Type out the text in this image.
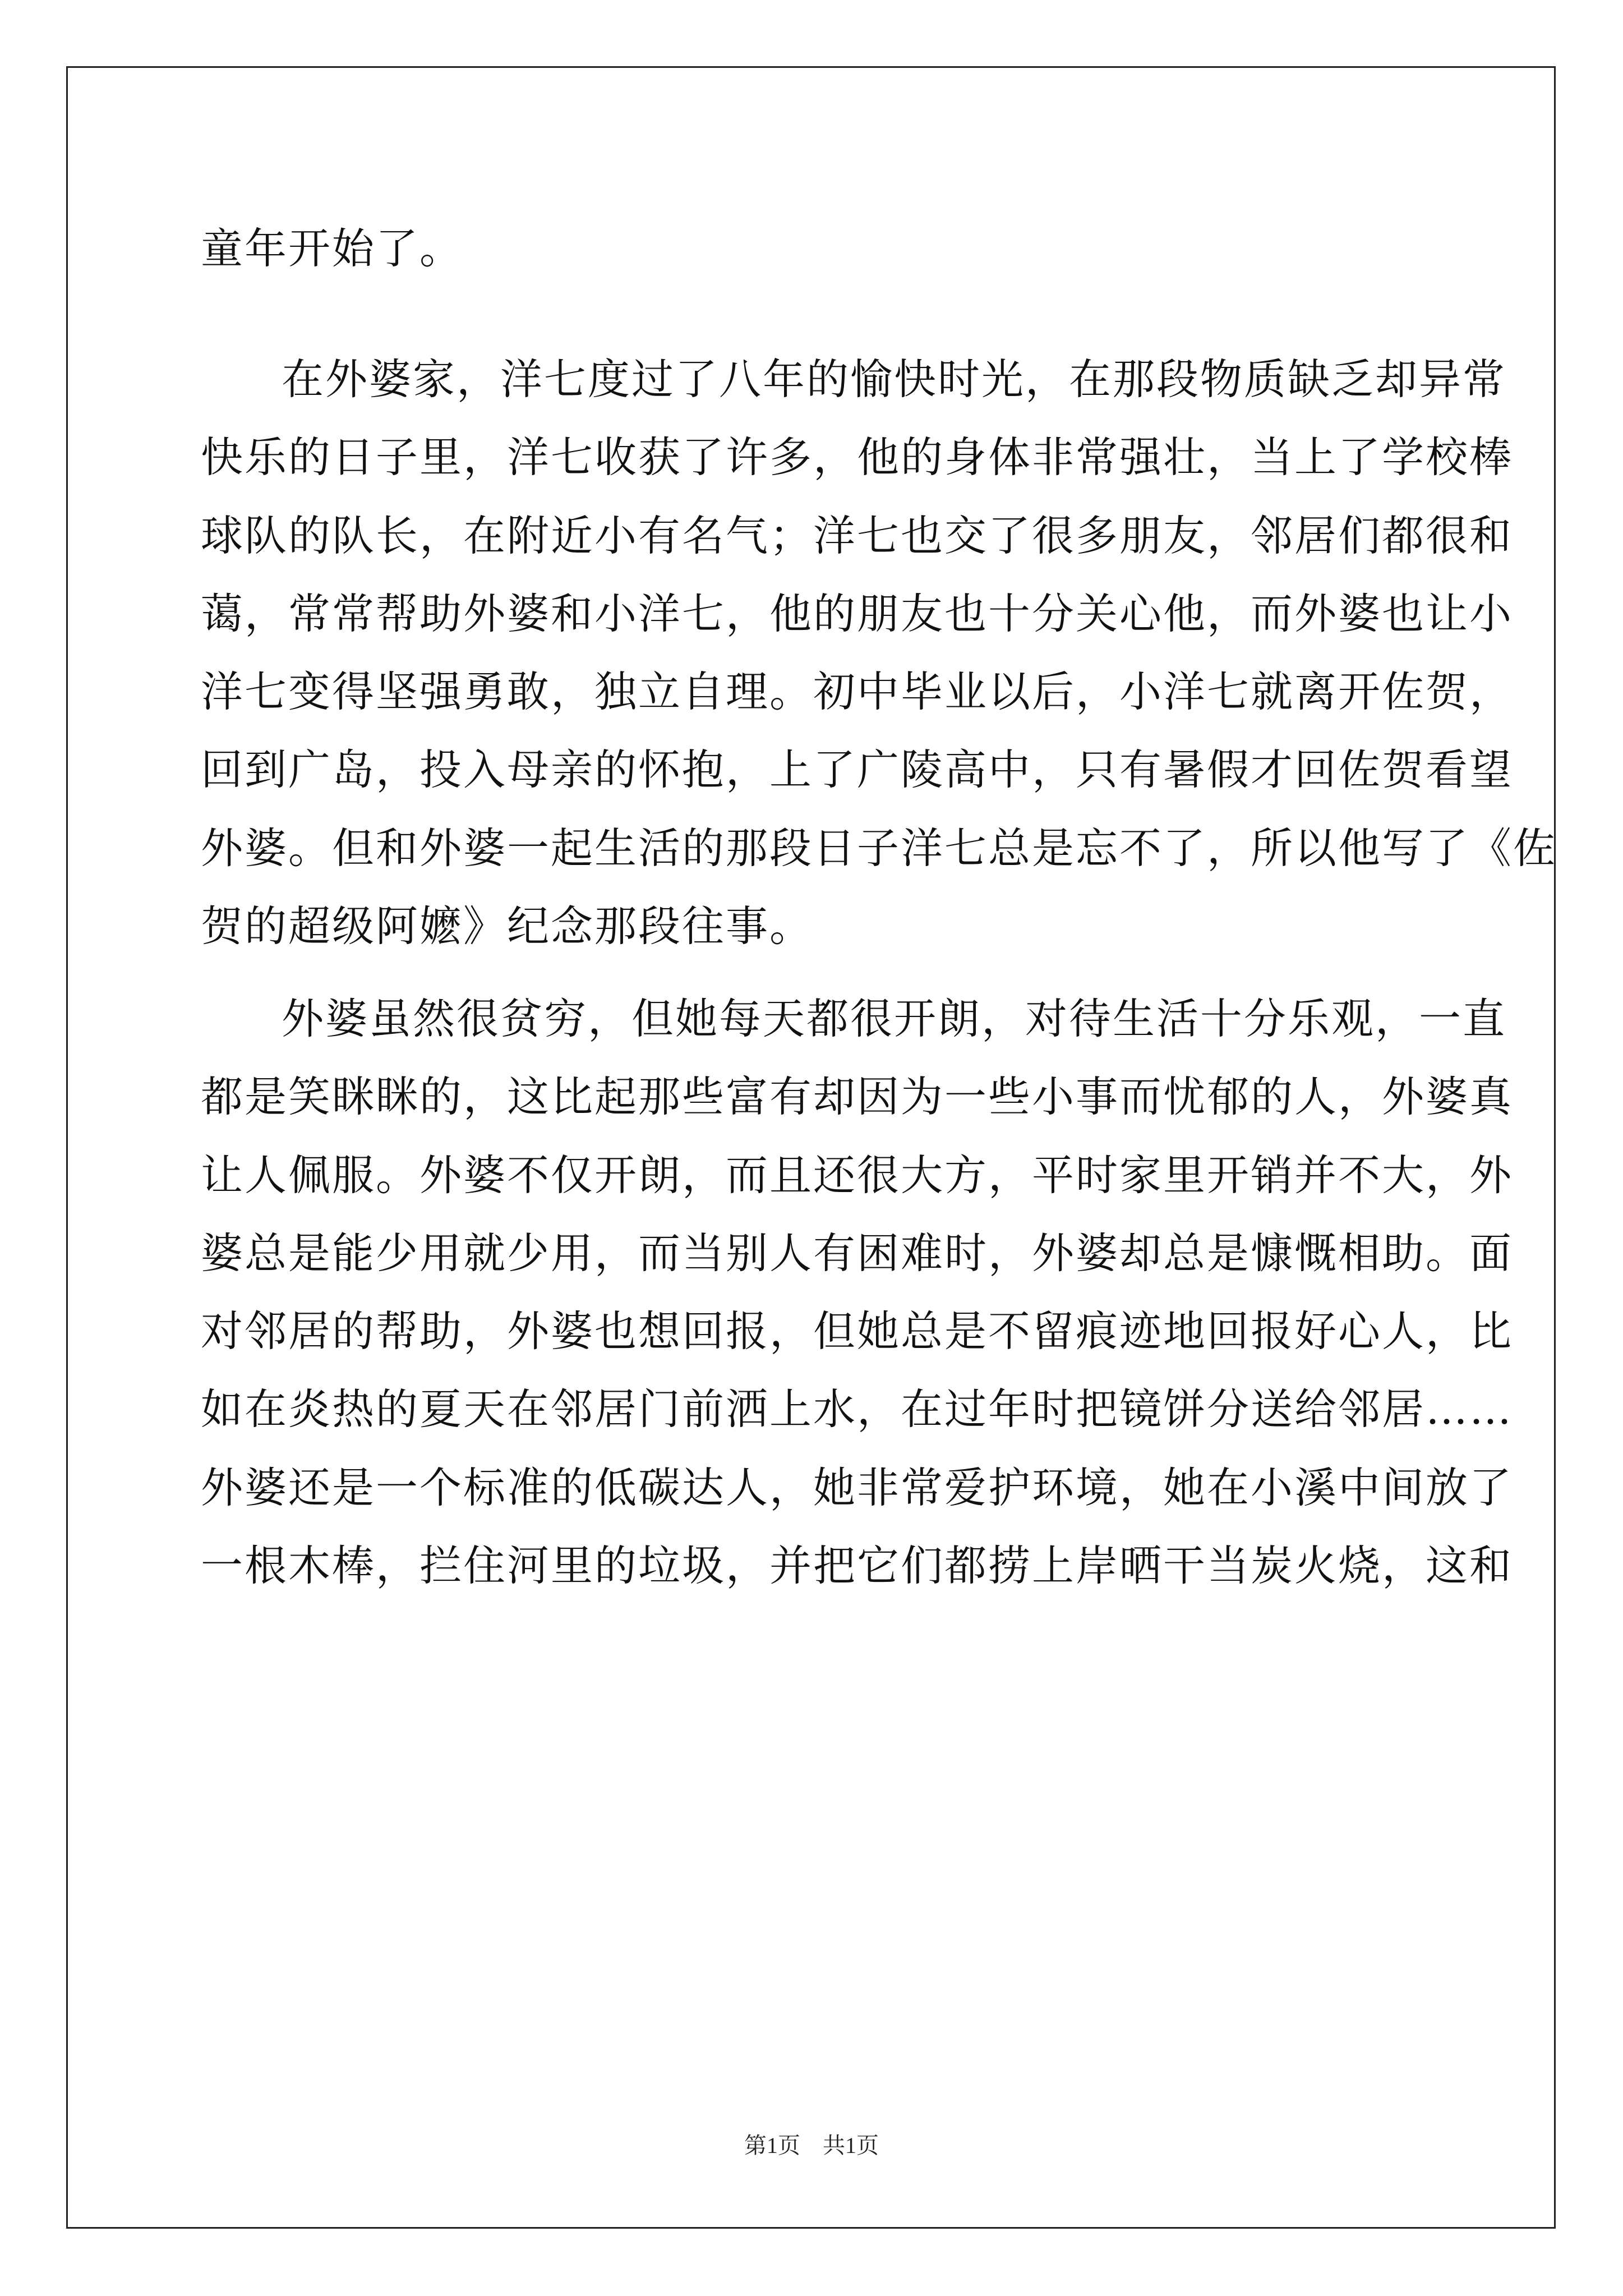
童年开始了。
在外婆家，洋七度过了八年的愉快时光，在那段物质缺乏却异常
快乐的日子里，洋七收获了许多，他的身体非常强壮，当上了学校棒
球队的队长，在附近小有名气；洋七也交了很多朋友，邻居们都很和
蔼，常常帮助外婆和小洋七，他的朋友也十分关心他，而外婆也让小
洋七变得坚强勇敢，独立自理。初中毕业以后，小洋七就离开佐贺，
回到广岛，投入母亲的怀抱，上了广陵高中，只有暑假才回佐贺看望
外婆。但和外婆一起生活的那段日子洋七总是忘不了，所以他写了《佐
贺的超级阿嬷》纪念那段往事。
外婆虽然很贫穷，但她每天都很开朗，对待生活十分乐观，一直
都是笑眯眯的，这比起那些富有却因为一些小事而忧郁的人，外婆真
让人佩服。外婆不仅开朗，而且还很大方，平时家里开销并不大，外
婆总是能少用就少用，而当别人有困难时，外婆却总是慷慨相助。面
对邻居的帮助，外婆也想回报，但她总是不留痕迹地回报好心人，比
如在炎热的夏天在邻居门前洒上水，在过年时把镜饼分送给邻居……
外婆还是一个标准的低碳达人，她非常爱护环境，她在小溪中间放了
一根木棒，拦住河里的垃圾，并把它们都捞上岸晒干当炭火烧，这和
第1页 共1页
